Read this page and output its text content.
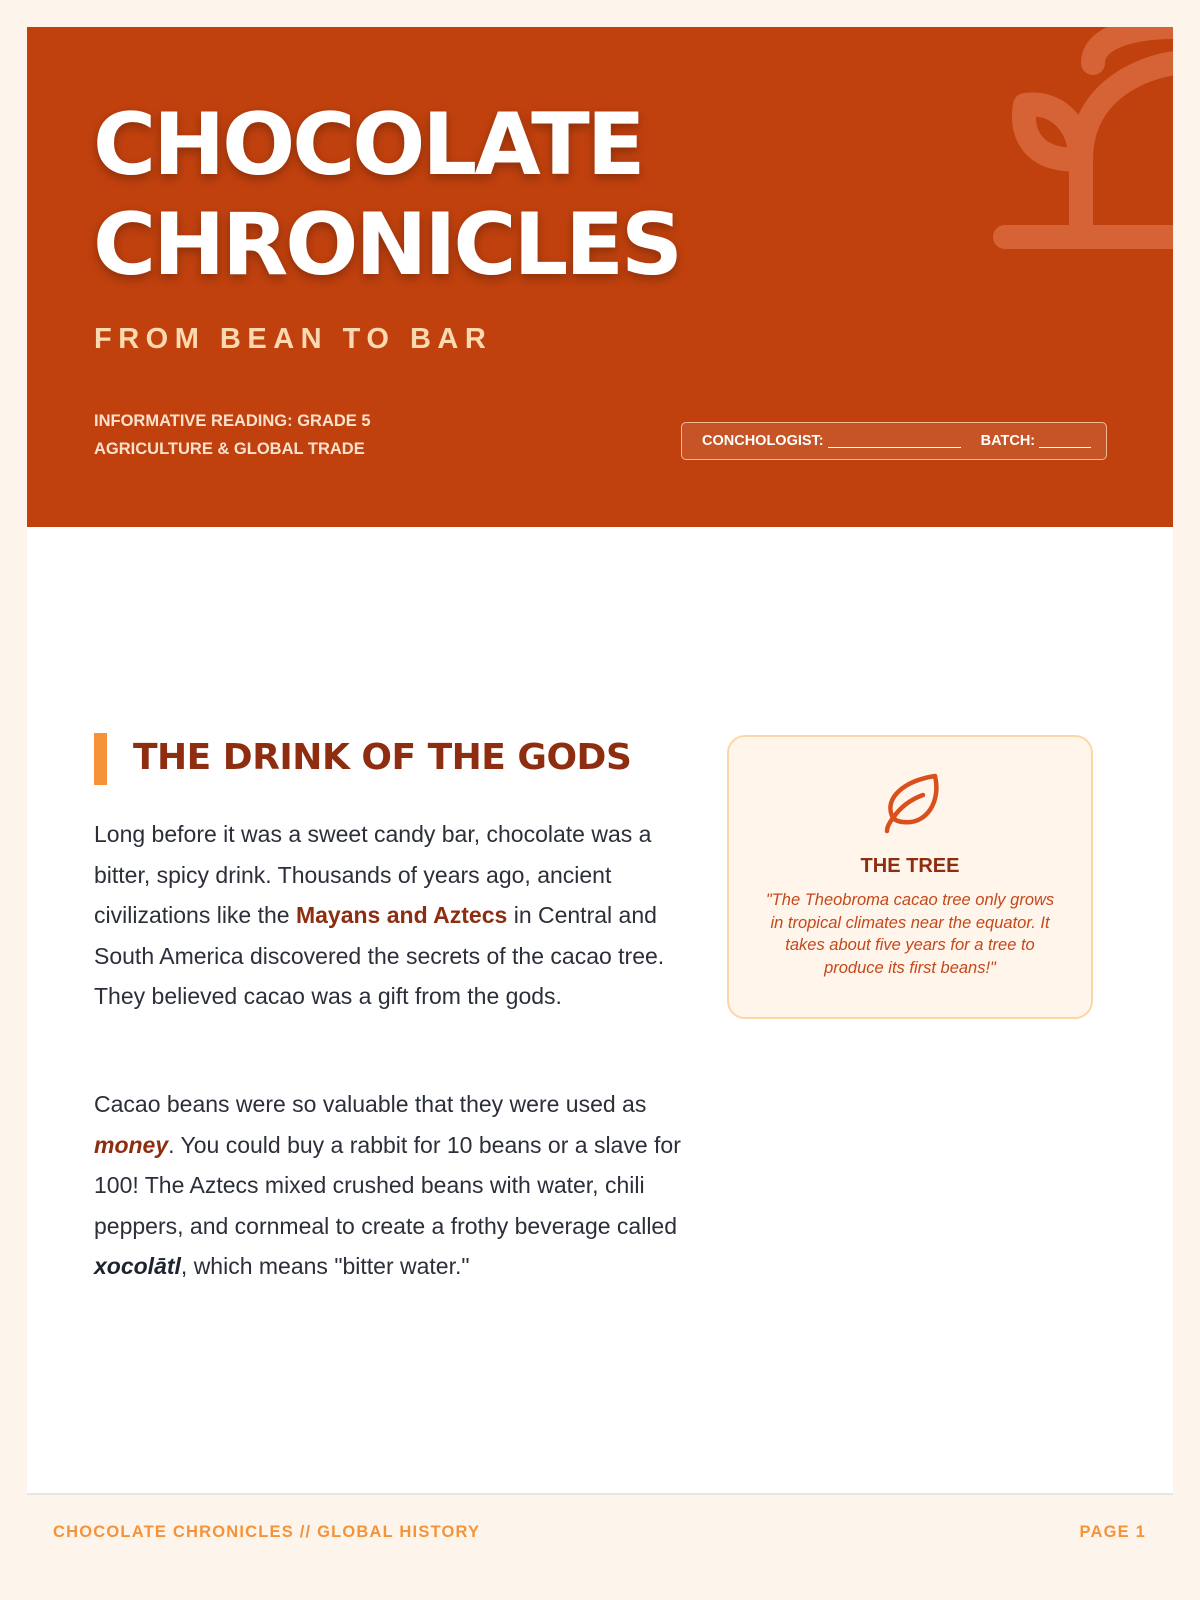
CHOCOLATE
CHRONICLES
FROM BEAN TO BAR
INFORMATIVE READING: GRADE 5
AGRICULTURE & GLOBAL TRADE	CONCHOLOGIST:	BATCH:
THE DRINK OF THE GODS

Long before it was a sweet candy bar, chocolate was a bitter, spicy drink. Thousands of years ago, ancient civilizations like the Mayans and Aztecs in Central and South America discovered the secrets of the cacao tree. They believed cacao was a gift from the gods.

Cacao beans were so valuable that they were used as money. You could buy a rabbit for 10 beans or a slave for 100! The Aztecs mixed crushed beans with water, chili peppers, and cornmeal to create a frothy beverage called xocolātl, which means "bitter water."

THE TREE
"The Theobroma cacao tree only grows in tropical climates near the equator. It takes about five years for a tree to produce its first beans!"
CHOCOLATE CHRONICLES // GLOBAL HISTORY	PAGE 1
